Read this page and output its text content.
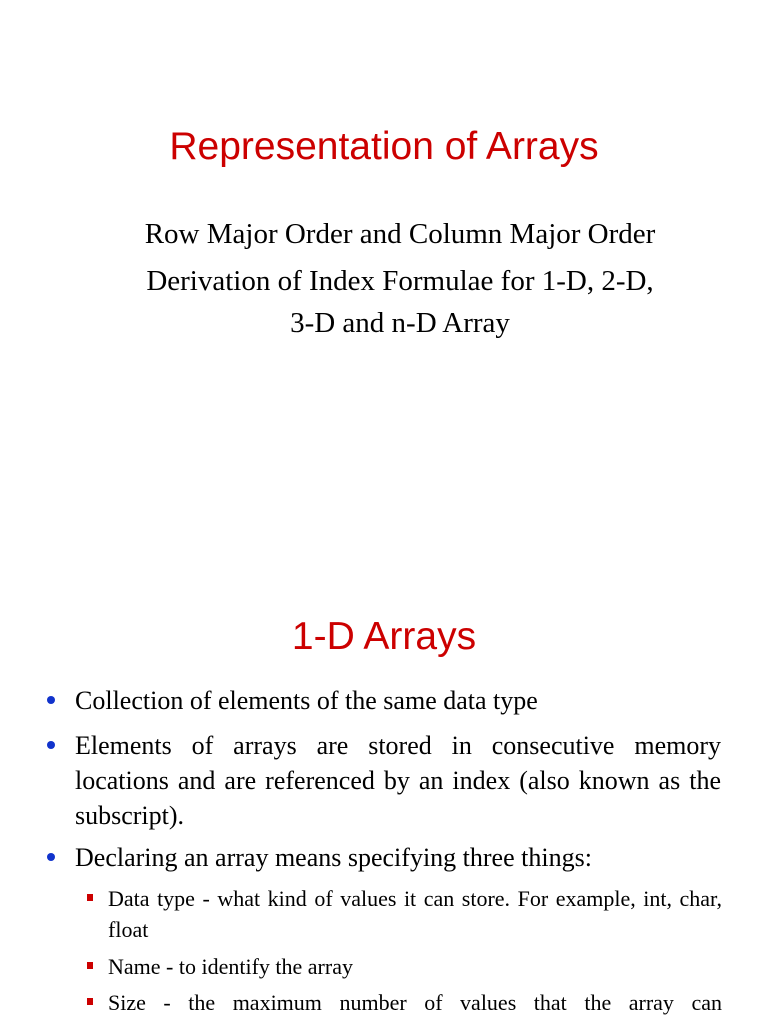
Representation of Arrays
Row Major Order and Column Major Order
Derivation of Index Formulae for 1-D, 2-D,
3-D and n-D Array
1-D Arrays
Collection of elements of the same data type
Elements of arrays are stored in consecutive memory locations and are referenced by an index (also known as the subscript).
Declaring an array means specifying three things:
Data type - what kind of values it can store. For example, int, char, float
Name - to identify the array
Size - the maximum number of values that the array can
